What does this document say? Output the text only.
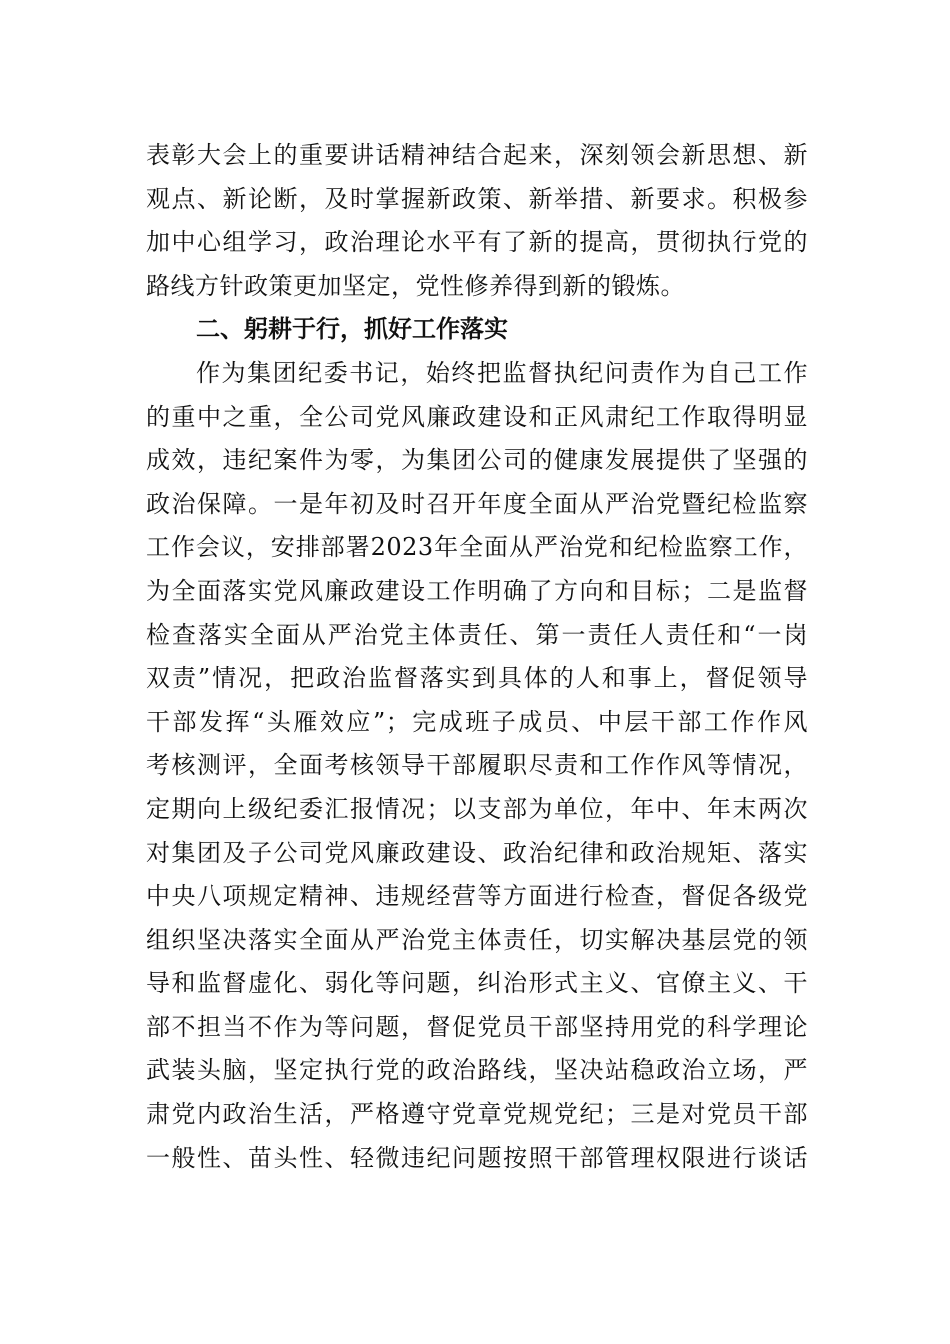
表彰大会上的重要讲话精神结合起来，深刻领会新思想、新
观点、新论断，及时掌握新政策、新举措、新要求。积极参
加中心组学习，政治理论水平有了新的提高，贯彻执行党的
路线方针政策更加坚定，党性修养得到新的锻炼。
二、躬耕于行，抓好工作落实
作为集团纪委书记，始终把监督执纪问责作为自己工作
的重中之重，全公司党风廉政建设和正风肃纪工作取得明显
成效，违纪案件为零，为集团公司的健康发展提供了坚强的
政治保障。一是年初及时召开年度全面从严治党暨纪检监察
工作会议，安排部署2023年全面从严治党和纪检监察工作，
为全面落实党风廉政建设工作明确了方向和目标；二是监督
检查落实全面从严治党主体责任、第一责任人责任和“一岗
双责”情况，把政治监督落实到具体的人和事上，督促领导
干部发挥“头雁效应”；完成班子成员、中层干部工作作风
考核测评，全面考核领导干部履职尽责和工作作风等情况，
定期向上级纪委汇报情况；以支部为单位，年中、年末两次
对集团及子公司党风廉政建设、政治纪律和政治规矩、落实
中央八项规定精神、违规经营等方面进行检查，督促各级党
组织坚决落实全面从严治党主体责任，切实解决基层党的领
导和监督虚化、弱化等问题，纠治形式主义、官僚主义、干
部不担当不作为等问题，督促党员干部坚持用党的科学理论
武装头脑，坚定执行党的政治路线，坚决站稳政治立场，严
肃党内政治生活，严格遵守党章党规党纪；三是对党员干部
一般性、苗头性、轻微违纪问题按照干部管理权限进行谈话
